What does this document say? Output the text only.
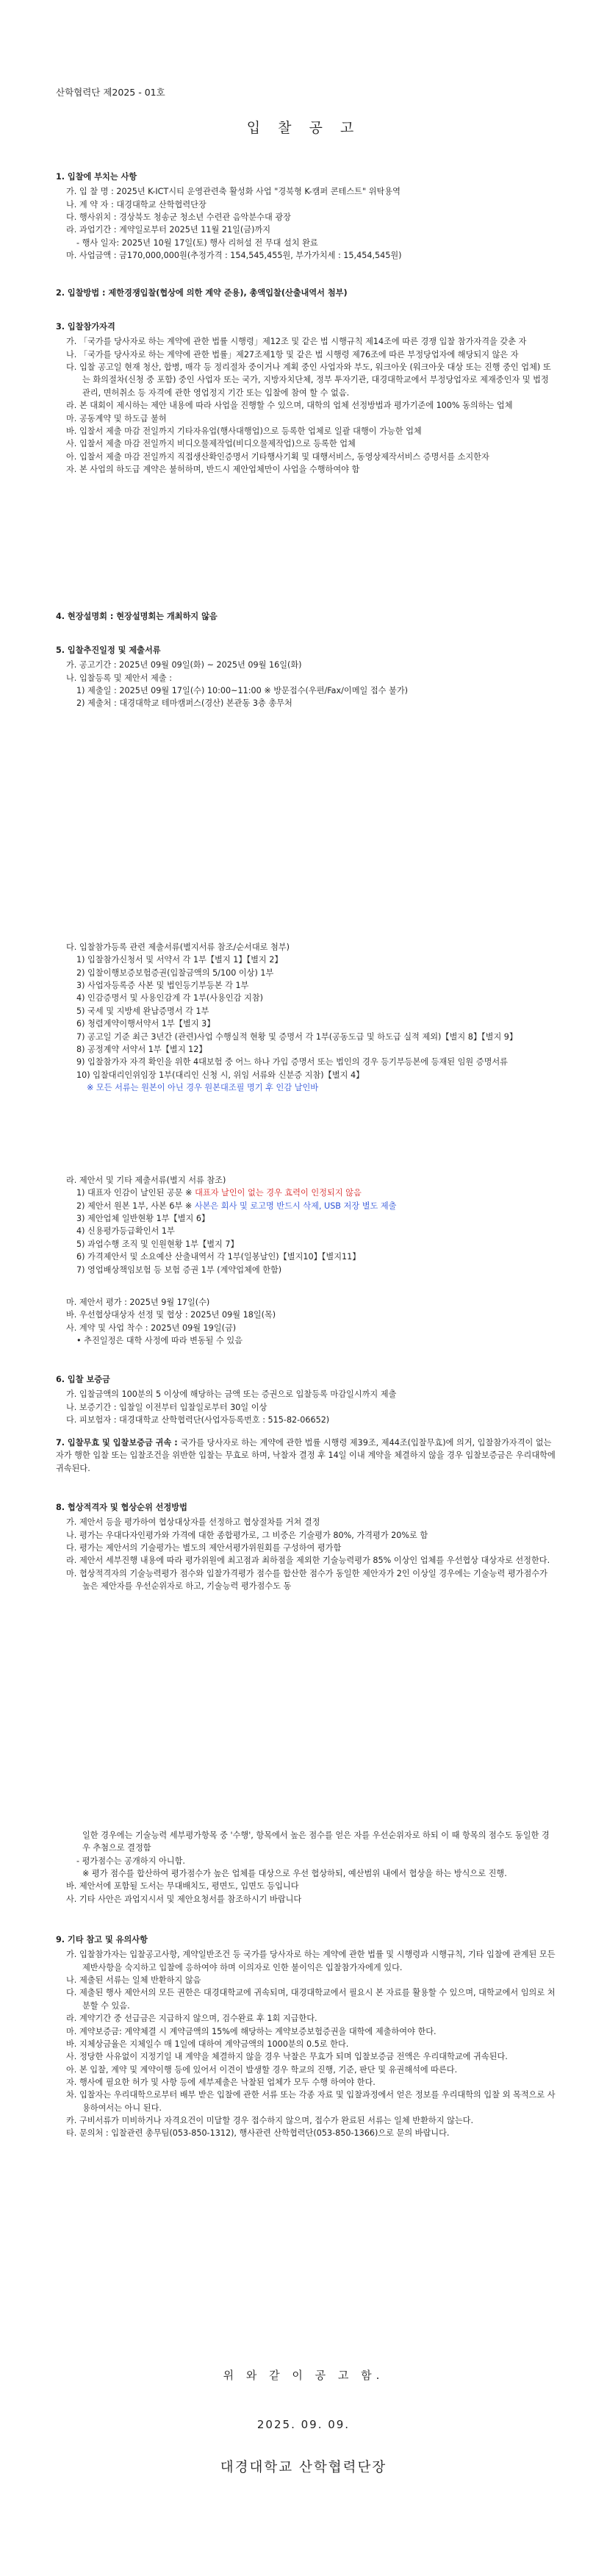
산학협력단 제2025 - 01호
입 찰 공 고
1. 입찰에 부치는 사항
가. 입 찰 명 : 2025년 K-ICT시티 운영관련축 활성화 사업 "경북형 K-캠퍼 콘테스트" 위탁용역
나. 계 약 자 : 대경대학교 산학협력단장
다. 행사위치 : 경상북도 청송군 청소년 수련관 음악분수대 광장
라. 과업기간 : 계약일로부터 2025년 11월 21일(금)까지
- 행사 일자: 2025년 10월 17일(토) 행사 리허설 전 무대 설치 완료
마. 사업금액 : 금170,000,000원(추정가격 : 154,545,455원, 부가가치세 : 15,454,545원)
2. 입찰방법 : 제한경쟁입찰(협상에 의한 계약 준용), 총액입찰(산출내역서 첨부)
3. 입찰참가자격
가. 「국가를 당사자로 하는 계약에 관한 법률 시행령」제12조 및 같은 법 시행규칙 제14조에 따른 경쟁 입찰 참가자격을 갖춘 자
나. 「국가를 당사자로 하는 계약에 관한 법률」제27조제1항 및 같은 법 시행령 제76조에 따른 부정당업자에 해당되지 않은 자
다. 입찰 공고일 현재 청산, 합병, 매각 등 정리절차 중이거나 계획 중인 사업자와 부도, 워크아웃 (워크아웃 대상 또는 진행 중인 업체) 또는 화의절차(신청 중 포함) 중인 사업자 또는 국가, 지방자치단체, 정부 투자기관, 대경대학교에서 부정당업자로 제재중인자 및 법정관리, 면허취소 등 자격에 관한 영업정지 기간 또는 입찰에 참여 할 수 없음.
라. 본 대회이 제시하는 제안 내용에 따라 사업을 진행할 수 있으며, 대학의 업체 선정방법과 평가기준에 100% 동의하는 업체
마. 공동계약 및 하도급 불허
바. 입찰서 제출 마감 전일까지 기타자유업(행사대행업)으로 등록한 업체로 일괄 대행이 가능한 업체
사. 입찰서 제출 마감 전일까지 비디오물제작업(비디오물제작업)으로 등록한 업체
아. 입찰서 제출 마감 전일까지 직접생산확인증명서 기타행사기획 및 대행서비스, 동영상제작서비스 증명서를 소지한자
자. 본 사업의 하도급 계약은 불허하며, 반드시 제안업체만이 사업을 수행하여야 함
4. 현장설명회 : 현장설명회는 개최하지 않음
5. 입찰추진일정 및 제출서류
가. 공고기간 : 2025년 09월 09일(화) ~ 2025년 09월 16일(화)
나. 입찰등록 및 제안서 제출 :
1) 제출일 : 2025년 09월 17일(수) 10:00~11:00 ※ 방문접수(우편/Fax/이메일 접수 불가)
2) 제출처 : 대경대학교 테마캠퍼스(경산) 본관동 3층 총무처
다. 입찰참가등록 관련 제출서류(별지서류 참조/순서대로 첨부)
1) 입찰참가신청서 및 서약서 각 1부【별지 1】【별지 2】
2) 입찰이행보증보험증권(입찰금액의 5/100 이상) 1부
3) 사업자등록증 사본 및 법인등기부등본 각 1부
4) 인감증명서 및 사용인감계 각 1부(사용인감 지참)
5) 국세 및 지방세 완납증명서 각 1부
6) 청렴계약이행서약서 1부【별지 3】
7) 공고일 기준 최근 3년간 (관련)사업 수행실적 현황 및 증명서 각 1부(공동도급 및 하도급 실적 제외)【별지 8】【별지 9】
8) 공정계약 서약서 1부【별지 12】
9) 입찰참가자 자격 확인을 위한 4대보험 중 어느 하나 가입 증명서 또는 법인의 경우 등기부등본에 등재된 임원 증명서류
10) 입찰대리인위임장 1부(대리인 신청 시, 위임 서류와 신분증 지참)【별지 4】
※ 모든 서류는 원본이 아닌 경우 원본대조필 명기 후 인감 날인바
라. 제안서 및 기타 제출서류(별지 서류 참조)
1) 대표자 인감이 날인된 공문 ※ 대표자 날인이 없는 경우 효력이 인정되지 않음
2) 제안서 원본 1부, 사본 6부 ※ 사본은 회사 및 로고명 반드시 삭제, USB 저장 별도 제출
3) 제안업체 일반현황 1부【별지 6】
4) 신용평가등급확인서 1부
5) 과업수행 조직 및 인원현황 1부【별지 7】
6) 가격제안서 및 소요예산 산출내역서 각 1부(일봉날인)【별지10】【별지11】
7) 영업배상책임보험 등 보험 증권 1부 (계약업체에 한함)
마. 제안서 평가 : 2025년 9월 17일(수)
바. 우선협상대상자 선정 및 협상 : 2025년 09월 18일(목)
사. 계약 및 사업 착수 : 2025년 09월 19일(금)
• 추진일정은 대학 사정에 따라 변동될 수 있음
6. 입찰 보증금
가. 입찰금액의 100분의 5 이상에 해당하는 금액 또는 증권으로 입찰등록 마감일시까지 제출
나. 보증기간 : 입찰일 이전부터 입찰일로부터 30일 이상
다. 피보험자 : 대경대학교 산학협력단(사업자등록번호 : 515-82-06652)
7. 입찰무효 및 입찰보증금 귀속 : 국가를 당사자로 하는 계약에 관한 법률 시행령 제39조, 제44조(입찰무효)에 의거, 입찰참가자격이 없는 자가 행한 입찰 또는 입찰조건을 위반한 입찰는 무효로 하며, 낙찰자 결정 후 14일 이내 계약을 체결하지 않을 경우 입찰보증금은 우리대학에 귀속된다.
8. 협상적격자 및 협상순위 선정방법
가. 제안서 등을 평가하여 협상대상자를 선정하고 협상절차를 거쳐 결정
나. 평가는 우대다자인평가와 가격에 대한 종합평가로, 그 비중은 기술평가 80%, 가격평가 20%로 함
다. 평가는 제안서의 기술평가는 별도의 제안서평가위원회를 구성하여 평가함
라. 제안서 세부진행 내용에 따라 평가위원에 최고점과 최하점을 제외한 기술능력평가 85% 이상인 업체를 우선협상 대상자로 선정한다.
마. 협상적격자의 기술능력평가 점수와 입찰가격평가 점수를 합산한 점수가 동일한 제안자가 2인 이상일 경우에는 기술능력 평가점수가 높은 제안자를 우선순위자로 하고, 기술능력 평가점수도 동
일한 경우에는 기술능력 세부평가항목 중 '수행', 항목에서 높은 점수를 얻은 자를 우선순위자로 하되 이 때 항목의 점수도 동일한 경우 추첨으로 결정함
- 평가점수는 공개하지 아니함.
※ 평가 점수를 합산하여 평가점수가 높은 업체를 대상으로 우선 협상하되, 예산범위 내에서 협상을 하는 방식으로 진행.
바. 제안서에 포함될 도서는 무대배치도, 평면도, 입면도 등입니다
사. 기타 사안은 과업지시서 및 제안요청서를 참조하시기 바랍니다
9. 기타 참고 및 유의사항
가. 입찰참가자는 입찰공고사항, 계약일반조건 등 국가를 당사자로 하는 계약에 관한 법률 및 시행령과 시행규칙, 기타 입찰에 관계된 모든 제반사항을 숙지하고 입찰에 응하여야 하며 이의자로 인한 불이익은 입찰참가자에게 있다.
나. 제출된 서류는 일체 반환하지 않음
다. 제출된 행사 제안서의 모든 권한은 대경대학교에 귀속되며, 대경대학교에서 필요시 본 자료를 활용할 수 있으며, 대학교에서 임의로 처분할 수 있음.
라. 계약기간 중 선급금은 지급하지 않으며, 검수완료 후 1회 지급한다.
마. 계약보증금: 계약체결 시 계약금액의 15%에 해당하는 계약보증보험증권을 대학에 제출하여야 한다.
바. 지체상금율은 지체일수 매 1일에 대하여 계약금액의 1000분의 0.5로 한다.
사. 정당한 사유없이 지정기일 내 계약을 체결하지 않을 경우 낙찰은 무효가 되며 입찰보증금 전액은 우리대학교에 귀속된다.
아. 본 입찰, 계약 및 계약이행 등에 있어서 이견이 발생할 경우 학교의 진행, 기준, 판단 및 유권해석에 따른다.
자. 행사에 필요한 허가 및 사항 등에 세부제출은 낙찰된 업체가 모두 수행 하여야 한다.
차. 입찰자는 우리대학으로부터 배부 받은 입찰에 관한 서류 또는 각종 자료 및 입찰과정에서 얻은 정보를 우리대학의 입찰 외 목적으로 사용하여서는 아니 된다.
카. 구비서류가 미비하거나 자격요건이 미달할 경우 접수하지 않으며, 접수가 완료된 서류는 일체 반환하지 않는다.
타. 문의처 : 입찰관련 총무팀(053-850-1312), 행사관련 산학협력단(053-850-1366)으로 문의 바랍니다.
위 와 같 이 공 고 함.
2025. 09. 09.
대경대학교 산학협력단장
